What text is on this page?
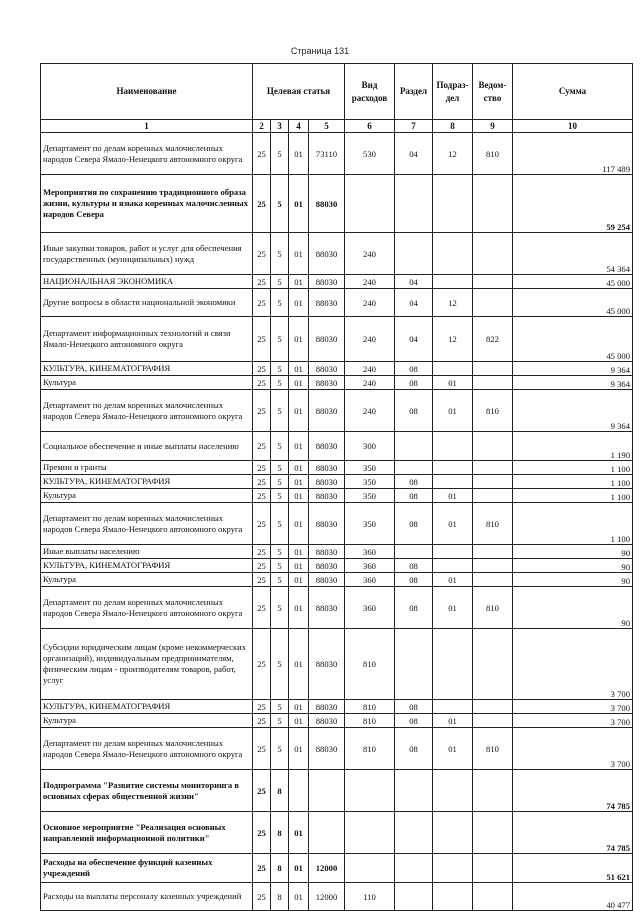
Страница 131
Наименование	Целевая статья				Вид расходов	Раздел	Подраз-дел	Ведом-ство	Сумма
1	2	3	4	5	6	7	8	9	10
Департамент по делам коренных малочисленных народов Севера Ямало-Ненецкого автономного округа	25	5	01	73110	530	04	12	810	117 489
Мероприятия по сохранению традиционного образа жизни, культуры и языка коренных малочисленных народов Севера	25	5	01	88030					59 254
Иные закупки товаров, работ и услуг для обеспечения государственных (муниципальных) нужд	25	5	01	88030	240				54 364
НАЦИОНАЛЬНАЯ ЭКОНОМИКА	25	5	01	88030	240	04			45 000
Другие вопросы в области национальной экономики	25	5	01	88030	240	04	12		45 000
Департамент информационных технологий и связи Ямало-Ненецкого автономного округа	25	5	01	88030	240	04	12	822	45 000
КУЛЬТУРА, КИНЕМАТОГРАФИЯ	25	5	01	88030	240	08			9 364
Культура	25	5	01	88030	240	08	01		9 364
Департамент по делам коренных малочисленных народов Севера Ямало-Ненецкого автономного округа	25	5	01	88030	240	08	01	810	9 364
Социальное обеспечение и иные выплаты населению	25	5	01	88030	300				1 190
Премии и гранты	25	5	01	88030	350				1 100
КУЛЬТУРА, КИНЕМАТОГРАФИЯ	25	5	01	88030	350	08			1 100
Культура	25	5	01	88030	350	08	01		1 100
Департамент по делам коренных малочисленных народов Севера Ямало-Ненецкого автономного округа	25	5	01	88030	350	08	01	810	1 100
Иные выплаты населению	25	5	01	88030	360				90
КУЛЬТУРА, КИНЕМАТОГРАФИЯ	25	5	01	88030	360	08			90
Культура	25	5	01	88030	360	08	01		90
Департамент по делам коренных малочисленных народов Севера Ямало-Ненецкого автономного округа	25	5	01	88030	360	08	01	810	90
Субсидии юридическим лицам (кроме некоммерческих организаций), индивидуальным предпринимателям, физическим лицам - производителям товаров, работ, услуг	25	5	01	88030	810				3 700
КУЛЬТУРА, КИНЕМАТОГРАФИЯ	25	5	01	88030	810	08			3 700
Культура	25	5	01	88030	810	08	01		3 700
Департамент по делам коренных малочисленных народов Севера Ямало-Ненецкого автономного округа	25	5	01	88030	810	08	01	810	3 700
Подпрограмма "Развитие системы мониторинга в основных сферах общественной жизни"	25	8							74 785
Основное мероприятие "Реализация основных направлений информационной политики"	25	8	01						74 785
Расходы на обеспечение функций казенных учреждений	25	8	01	12000					51 621
Расходы на выплаты персоналу казенных учреждений	25	8	01	12000	110				40 477
